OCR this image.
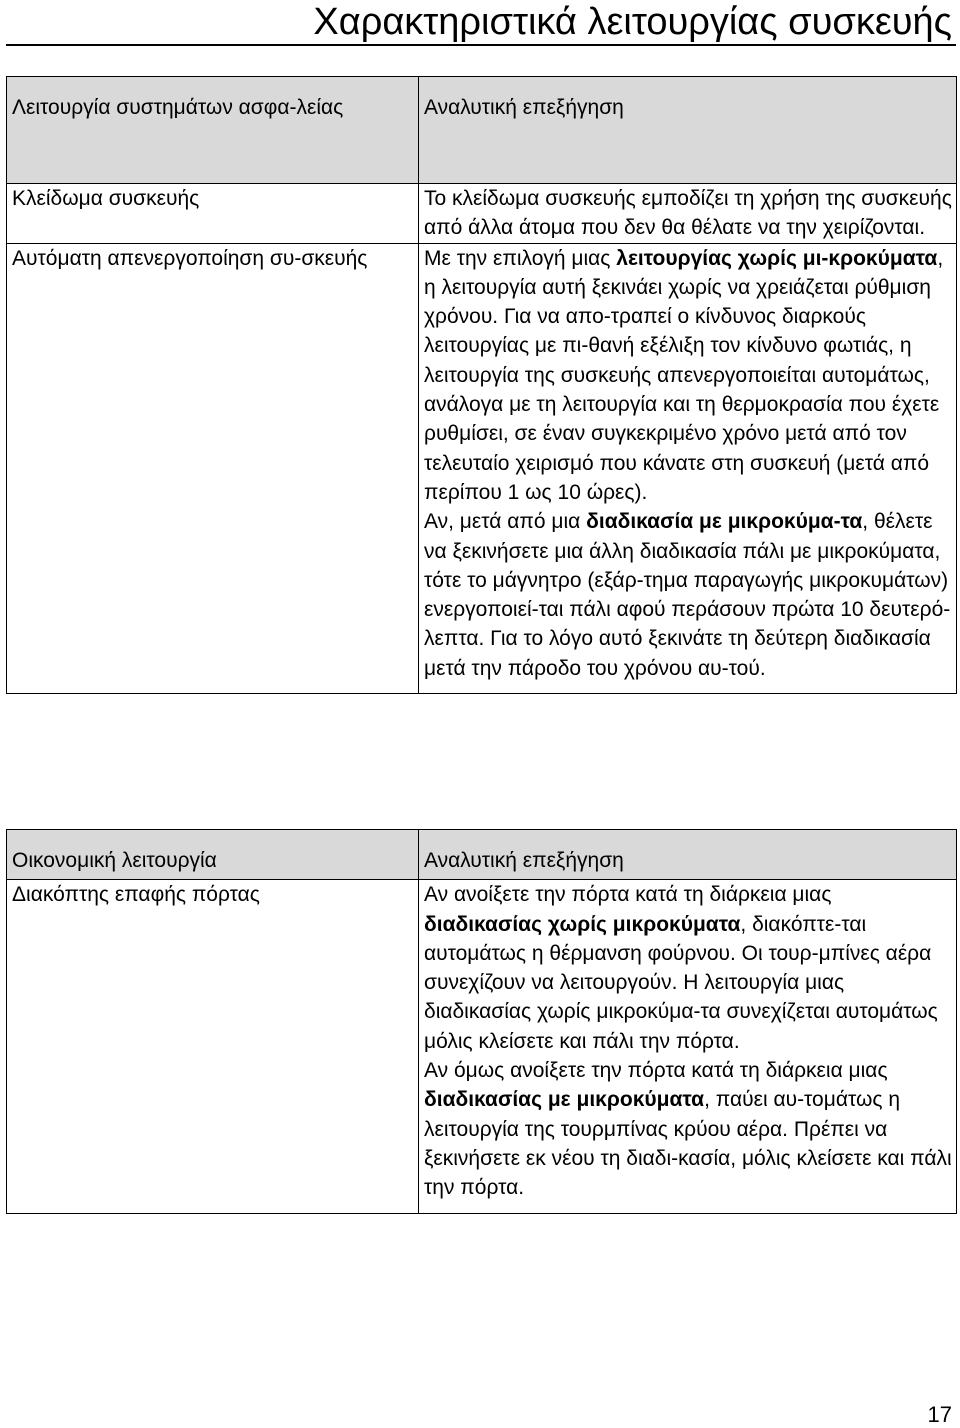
Χαρακτηριστικά λειτουργίας συσκευής
Λειτουργία συστημάτων ασφα-λείας	Αναλυτική επεξήγηση
Κλείδωμα συσκευής	Το κλείδωμα συσκευής εμποδίζει τη χρήση της συσκευής από άλλα άτομα που δεν θα θέλατε να την χειρίζονται.
Αυτόματη απενεργοποίηση συ-σκευής	Με την επιλογή μιας λειτουργίας χωρίς μι-κροκύματα, η λειτουργία αυτή ξεκινάει χωρίς να χρειάζεται ρύθμιση χρόνου. Για να απο-τραπεί ο κίνδυνος διαρκούς λειτουργίας με πι-θανή εξέλιξη τον κίνδυνο φωτιάς, η λειτουργία της συσκευής απενεργοποιείται αυτομάτως, ανάλογα με τη λειτουργία και τη θερμοκρασία που έχετε ρυθμίσει, σε έναν συγκεκριμένο χρόνο μετά από τον τελευταίο χειρισμό που κάνατε στη συσκευή (μετά από περίπου 1 ως 10 ώρες).

Αν, μετά από μια διαδικασία με μικροκύμα-τα, θέλετε να ξεκινήσετε μια άλλη διαδικασία πάλι με μικροκύματα, τότε το μάγνητρο (εξάρ-τημα παραγωγής μικροκυμάτων) ενεργοποιεί-ται πάλι αφού περάσουν πρώτα 10 δευτερό-λεπτα. Για το λόγο αυτό ξεκινάτε τη δεύτερη διαδικασία μετά την πάροδο του χρόνου αυ-τού.

Οικονομική λειτουργία	Αναλυτική επεξήγηση
Διακόπτης επαφής πόρτας	Αν ανοίξετε την πόρτα κατά τη διάρκεια μιας διαδικασίας χωρίς μικροκύματα, διακόπτε-ται αυτομάτως η θέρμανση φούρνου. Οι τουρ-μπίνες αέρα συνεχίζουν να λειτουργούν. Η λειτουργία μιας διαδικασίας χωρίς μικροκύμα-τα συνεχίζεται αυτομάτως μόλις κλείσετε και πάλι την πόρτα.

Αν όμως ανοίξετε την πόρτα κατά τη διάρκεια μιας διαδικασίας με μικροκύματα, παύει αυ-τομάτως η λειτουργία της τουρμπίνας κρύου αέρα. Πρέπει να ξεκινήσετε εκ νέου τη διαδι-κασία, μόλις κλείσετε και πάλι την πόρτα.

17
